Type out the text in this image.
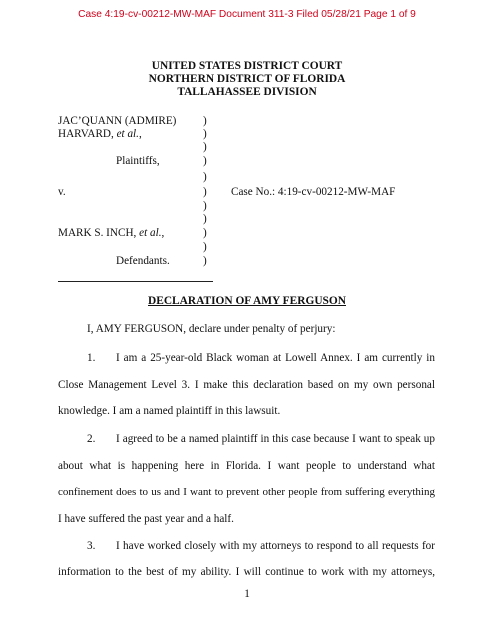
Case 4:19-cv-00212-MW-MAF Document 311-3 Filed 05/28/21 Page 1 of 9
UNITED STATES DISTRICT COURT
NORTHERN DISTRICT OF FLORIDA
TALLAHASSEE DIVISION
JAC’QUANN (ADMIRE)
HARVARD, et al.,
Plaintiffs,
v.
MARK S. INCH, et al.,
Defendants.
)
)
)
)
)
)
)
)
)
)
)
Case No.: 4:19-cv-00212-MW-MAF
DECLARATION OF AMY FERGUSON
I, AMY FERGUSON, declare under penalty of perjury:
1. I am a 25-year-old Black woman at Lowell Annex. I am currently in
Close Management Level 3. I make this declaration based on my own personal
knowledge. I am a named plaintiff in this lawsuit.
2. I agreed to be a named plaintiff in this case because I want to speak up
about what is happening here in Florida. I want people to understand what
confinement does to us and I want to prevent other people from suffering everything
I have suffered the past year and a half.
3. I have worked closely with my attorneys to respond to all requests for
information to the best of my ability. I will continue to work with my attorneys,
1
